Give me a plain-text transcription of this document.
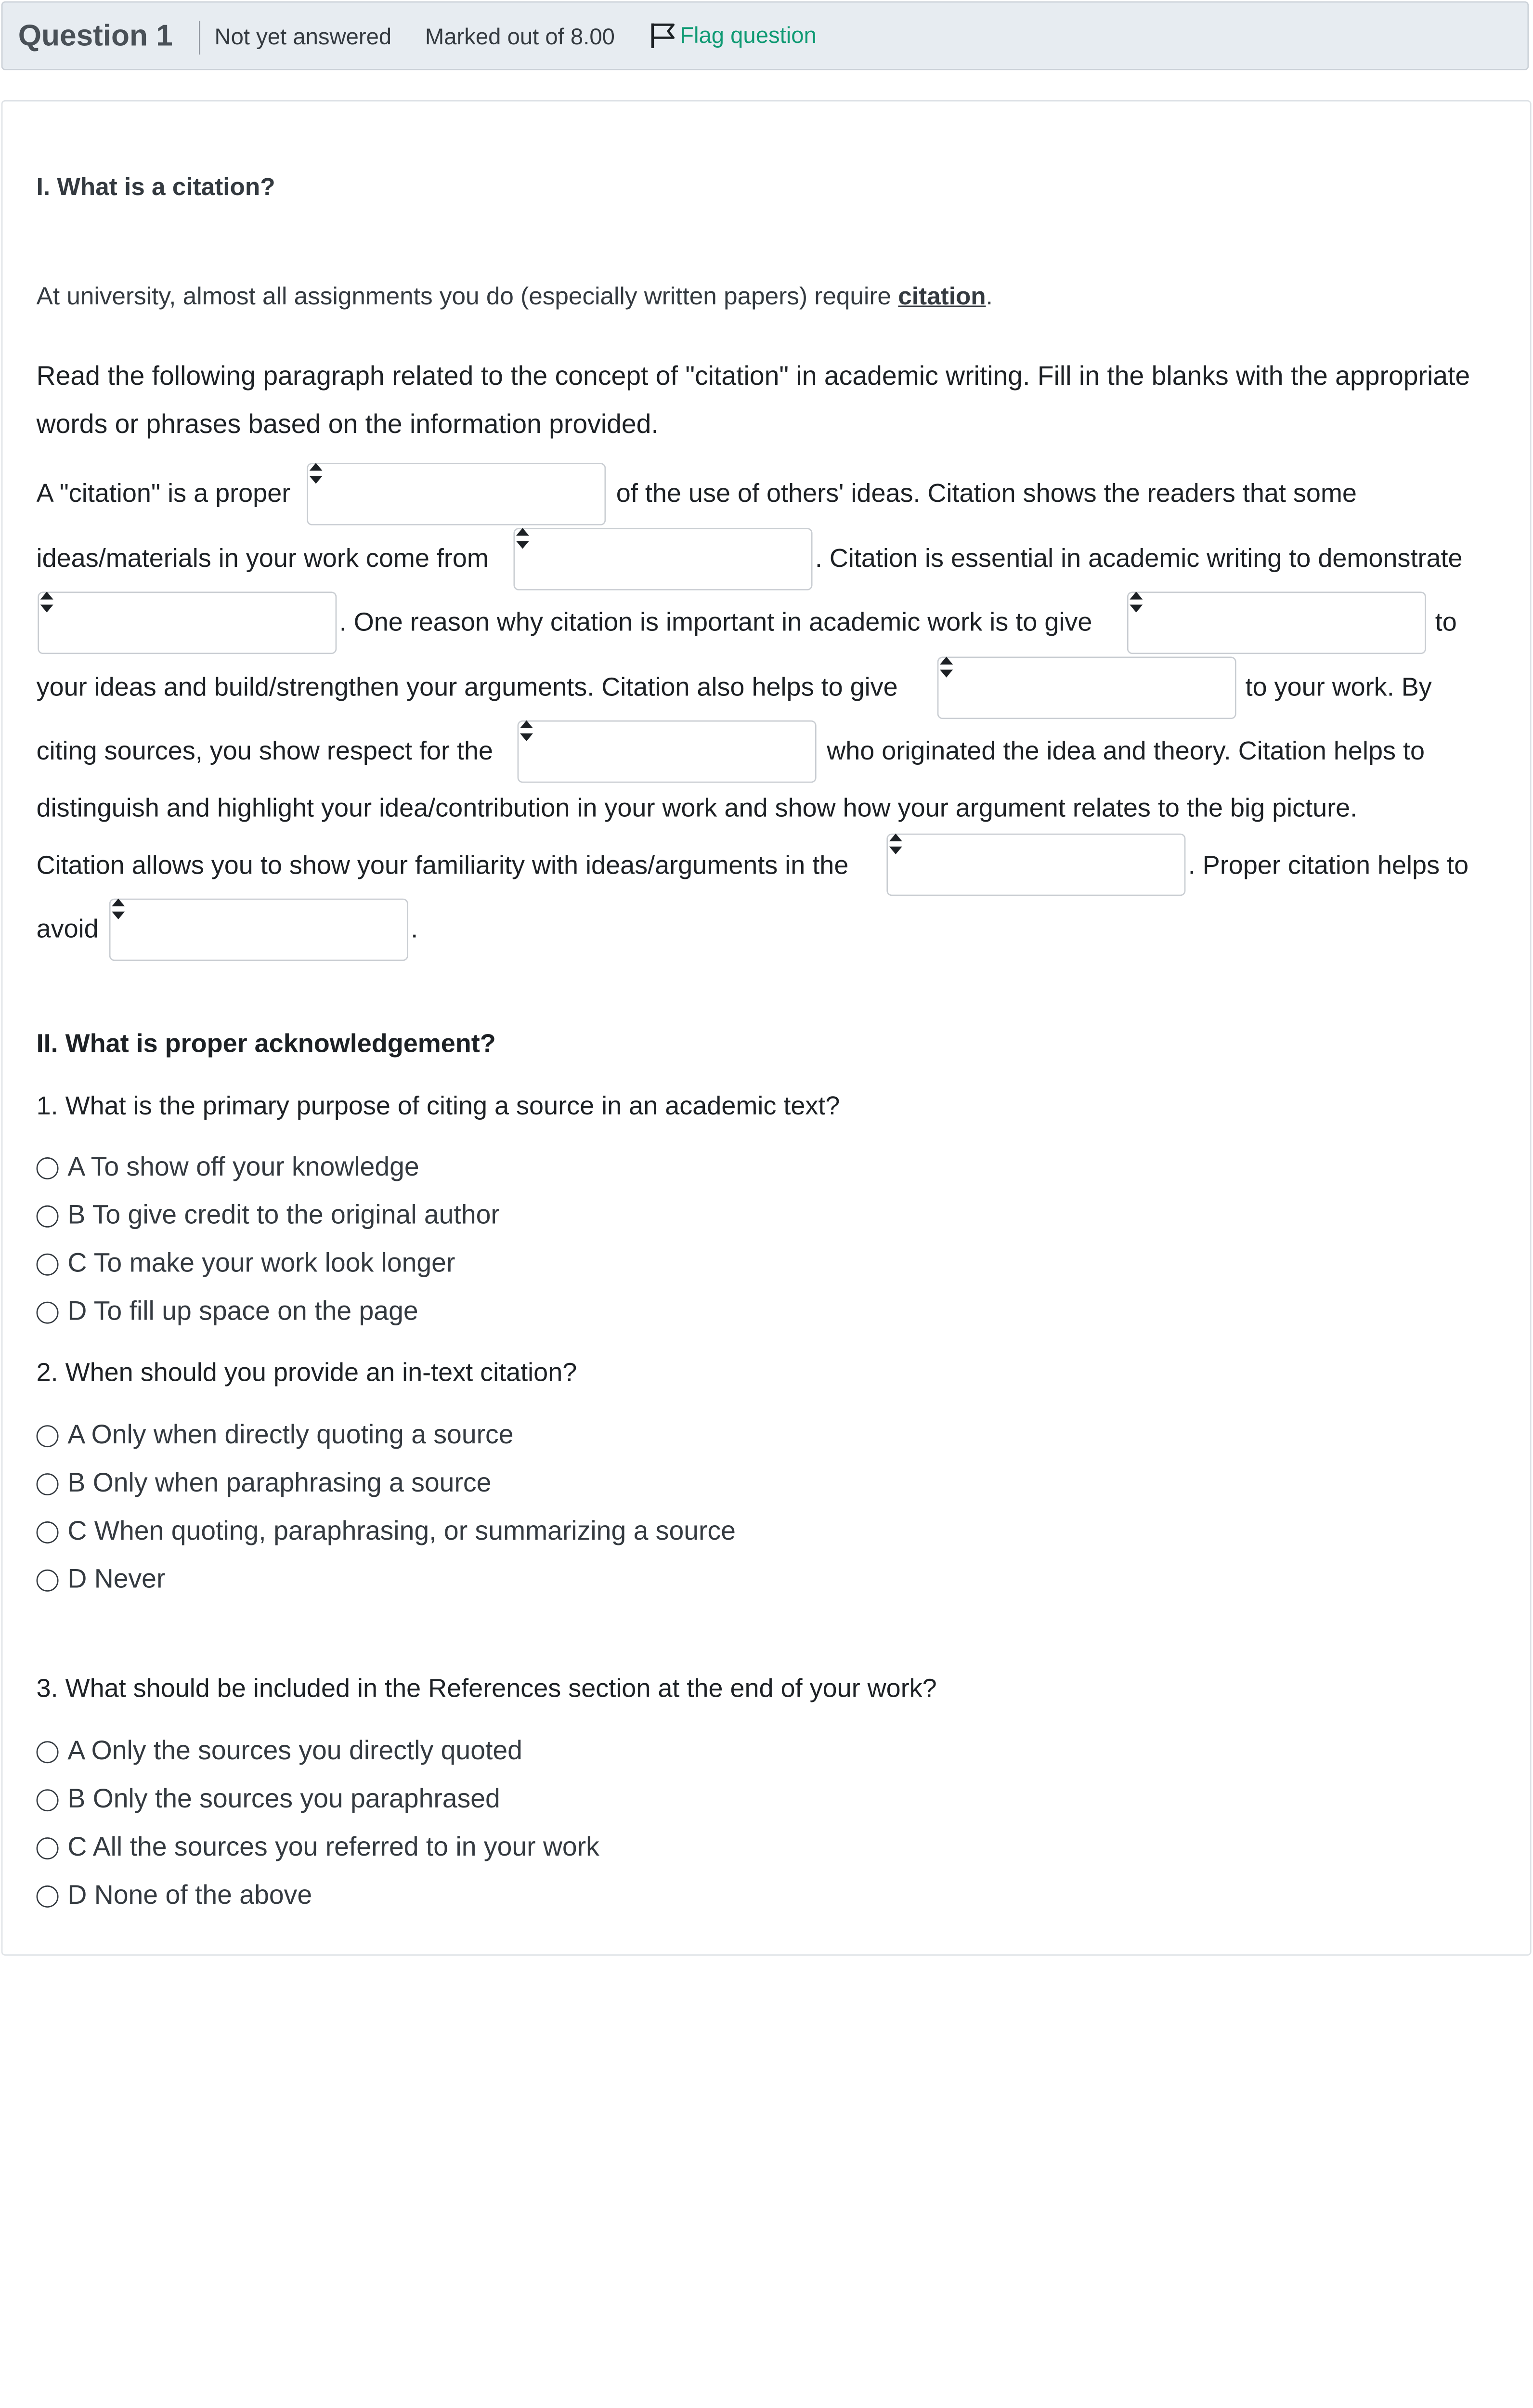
Question 1	Not yet answered	Marked out of 8.00	Flag question
I. What is a citation?
At university, almost all assignments you do (especially written papers) require citation.
Read the following paragraph related to the concept of "citation" in academic writing. Fill in the blanks with the appropriate
words or phrases based on the information provided.
A "citation" is a proper	of the use of others' ideas. Citation shows the readers that some
ideas/materials in your work come from	. Citation is essential in academic writing to demonstrate
. One reason why citation is important in academic work is to give	to
your ideas and build/strengthen your arguments. Citation also helps to give	to your work. By
citing sources, you show respect for the	who originated the idea and theory. Citation helps to
distinguish and highlight your idea/contribution in your work and show how your argument relates to the big picture.
Citation allows you to show your familiarity with ideas/arguments in the	. Proper citation helps to
avoid	.
II. What is proper acknowledgement?
1. What is the primary purpose of citing a source in an academic text?
A To show off your knowledge
B To give credit to the original author
C To make your work look longer
D To fill up space on the page
2. When should you provide an in-text citation?
A Only when directly quoting a source
B Only when paraphrasing a source
C When quoting, paraphrasing, or summarizing a source
D Never
3. What should be included in the References section at the end of your work?
A Only the sources you directly quoted
B Only the sources you paraphrased
C All the sources you referred to in your work
D None of the above
